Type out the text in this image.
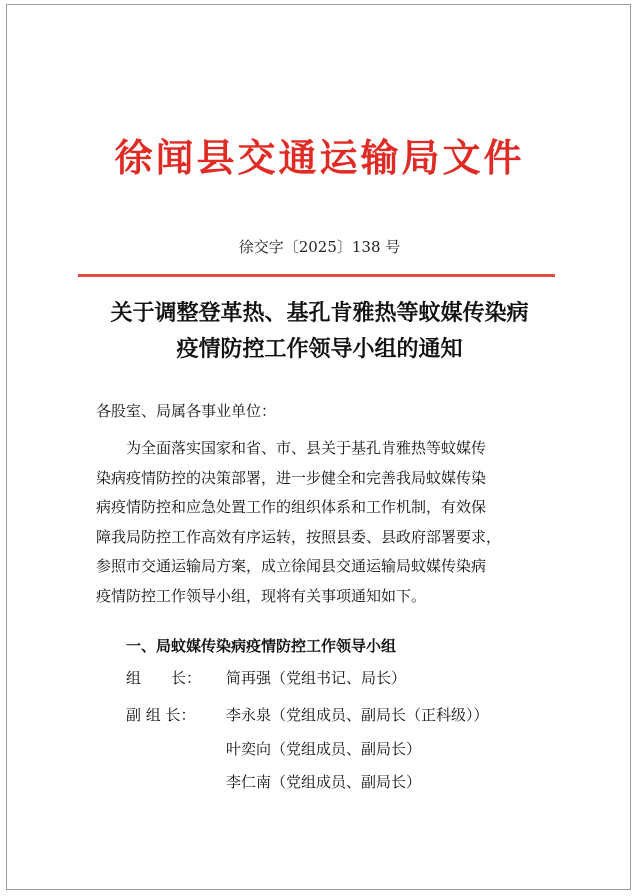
徐闻县交通运输局文件
徐交字〔2025〕138 号
关于调整登革热、基孔肯雅热等蚊媒传染病
疫情防控工作领导小组的通知
各股室、局属各事业单位：
为全面落实国家和省、市、县关于基孔肯雅热等蚊媒传
染病疫情防控的决策部署，进一步健全和完善我局蚊媒传染
病疫情防控和应急处置工作的组织体系和工作机制，有效保
障我局防控工作高效有序运转，按照县委、县政府部署要求，
参照市交通运输局方案，成立徐闻县交通运输局蚊媒传染病
疫情防控工作领导小组，现将有关事项通知如下。
一、局蚊媒传染病疫情防控工作领导小组
组　　长：	简再强（党组书记、局长）
副 组 长： 李永泉（党组成员、副局长（正科级））
叶奕向（党组成员、副局长）
李仁南（党组成员、副局长）
